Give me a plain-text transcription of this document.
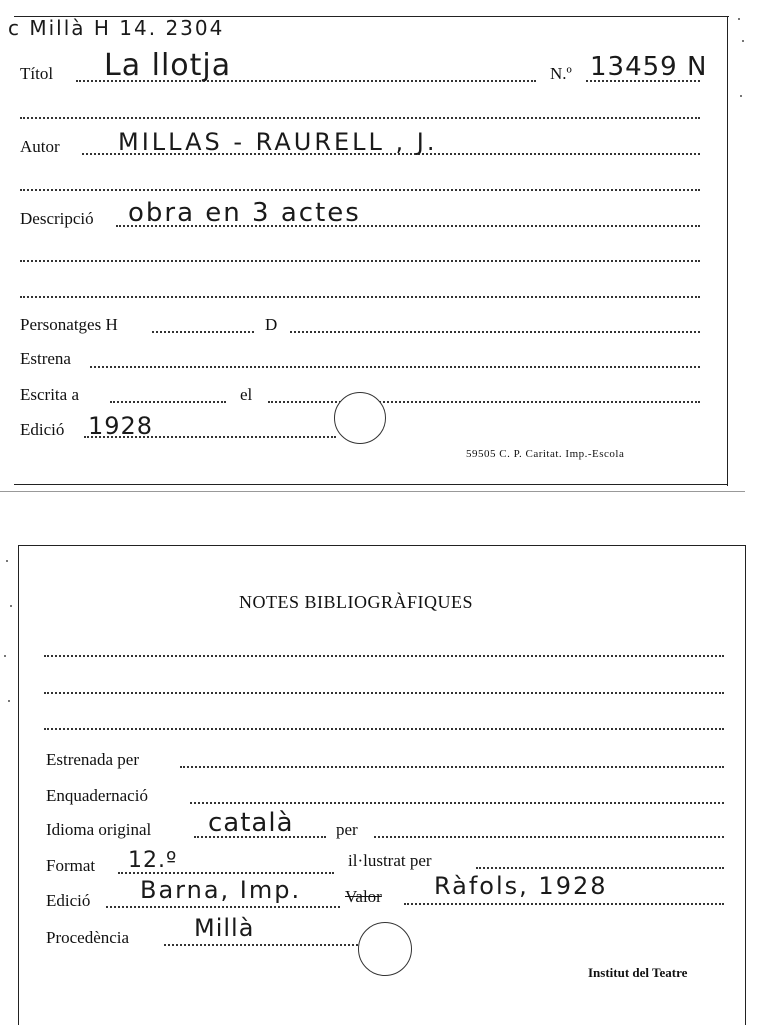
c Millà H 14. 2304
Títol La llotja	N.º 13459 N
Autor MILLAS - RAURELL , J.
Descripció obra en 3 actes
Personatges H	D
Estrena
Escrita a	el
Edició 1928
59505 C. P. Caritat. Imp.-Escola
NOTES BIBLIOGRÀFIQUES
Estrenada per
Enquadernació
Idioma original català per
Format 12.º	il·lustrat per
Edició Barna, Imp.	Valor Ràfols, 1928
Procedència	Millà
Institut del Teatre
